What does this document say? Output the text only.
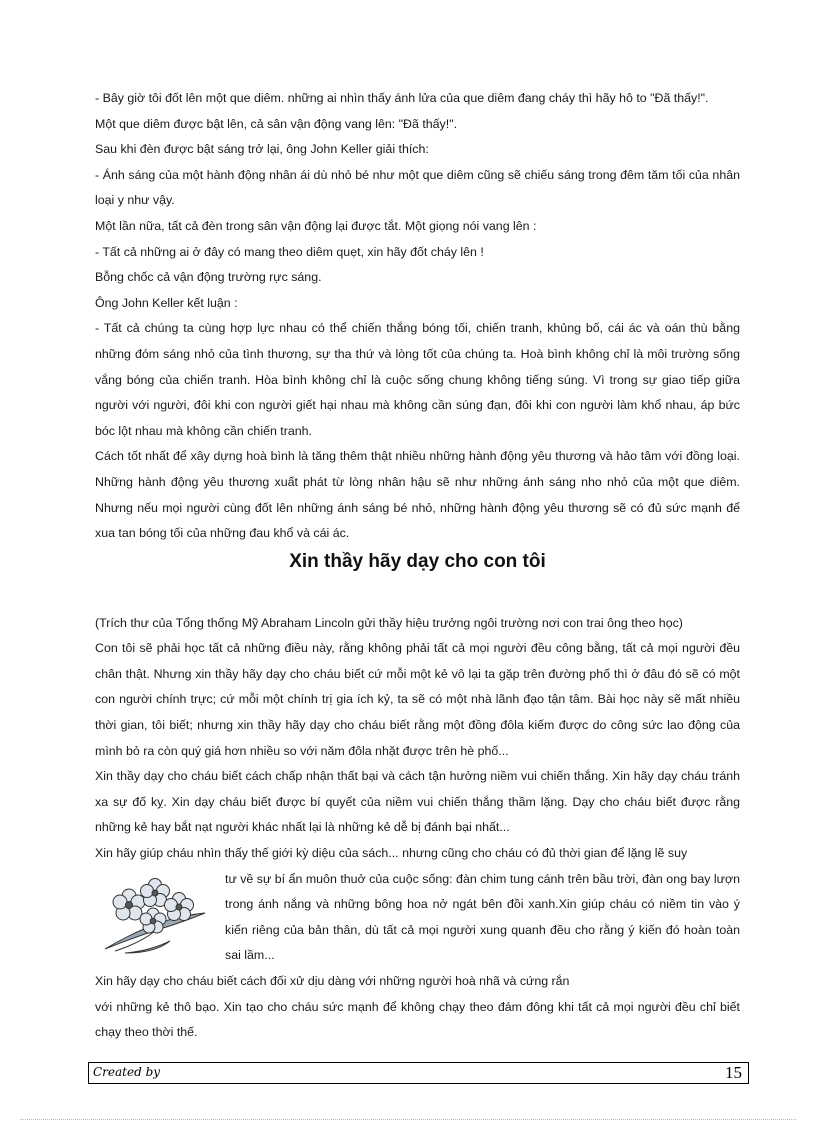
- Bây giờ tôi đốt lên một que diêm. những ai nhìn thấy ánh lửa của que diêm đang cháy thì hãy hô to "Đã thấy!".

Một que diêm được bật lên, cả sân vận động vang lên: "Đã thấy!".

Sau khi đèn được bật sáng trở lại, ông John Keller giải thích:

- Ánh sáng của một hành động nhân ái dù nhỏ bé như một que diêm cũng sẽ chiếu sáng trong đêm tăm tối của nhân loại y như vậy.

Một lần nữa, tất cả đèn trong sân vận động lại được tắt. Một giọng nói vang lên :

- Tất cả những ai ở đây có mang theo diêm quẹt, xin hãy đốt cháy lên !

Bỗng chốc cả vận động trường rực sáng.

Ông John Keller kết luận :

- Tất cả chúng ta cùng hợp lực nhau có thể chiến thắng bóng tối, chiến tranh, khủng bố, cái ác và oán thù bằng những đóm sáng nhỏ của tình thương, sự tha thứ và lòng tốt của chúng ta. Hoà bình không chỉ là môi trường sống vắng bóng của chiến tranh. Hòa bình không chỉ là cuộc sống chung không tiếng súng. Vì trong sự giao tiếp giữa người với người, đôi khi con người giết hại nhau mà không cần súng đạn, đôi khi con người làm khổ nhau, áp bức bóc lột nhau mà không cần chiến tranh.

Cách tốt nhất để xây dựng hoà bình là tăng thêm thật nhiều những hành động yêu thương và hảo tâm với đồng loại. Những hành động yêu thương xuất phát từ lòng nhân hậu sẽ như những ánh sáng nho nhỏ của một que diêm. Nhưng nếu mọi người cùng đốt lên những ánh sáng bé nhỏ, những hành động yêu thương sẽ có đủ sức mạnh để xua tan bóng tối của những đau khổ và cái ác.

Xin thầy hãy dạy cho con tôi

(Trích thư của Tổng thống Mỹ Abraham Lincoln gửi thầy hiệu trưởng ngôi trường nơi con trai ông theo học)

Con tôi sẽ phải học tất cả những điều này, rằng không phải tất cả mọi người đều công bằng, tất cả mọi người đều chân thật. Nhưng xin thầy hãy dạy cho cháu biết cứ mỗi một kẻ vô lại ta gặp trên đường phố thì ở đâu đó sẽ có một con người chính trực; cứ mỗi một chính trị gia ích kỷ, ta sẽ có một nhà lãnh đạo tận tâm. Bài học này sẽ mất nhiều thời gian, tôi biết; nhưng xin thầy hãy dạy cho cháu biết rằng một đồng đôla kiếm được do công sức lao động của mình bỏ ra còn quý giá hơn nhiều so với năm đôla nhặt được trên hè phố...

Xin thầy dạy cho cháu biết cách chấp nhận thất bại và cách tận hưởng niềm vui chiến thắng. Xin hãy dạy cháu tránh xa sự đố kỵ. Xin dạy cháu biết được bí quyết của niềm vui chiến thắng thầm lặng. Dạy cho cháu biết được rằng những kẻ hay bắt nạt người khác nhất lại là những kẻ dễ bị đánh bại nhất...

Xin hãy giúp cháu nhìn thấy thế giới kỳ diệu của sách... nhưng cũng cho cháu có đủ thời gian để lặng lẽ suy

tư về sự bí ẩn muôn thuở của cuộc sống: đàn chim tung cánh trên bầu trời, đàn ong bay lượn trong ánh nắng và những bông hoa nở ngát bên đồi xanh.Xin giúp cháu có niềm tin vào ý kiến riêng của bản thân, dù tất cả mọi người xung quanh đều cho rằng ý kiến đó hoàn toàn sai lầm...

Xin hãy dạy cho cháu biết cách đối xử dịu dàng với những người hoà nhã và cứng rắn

với những kẻ thô bạo. Xin tạo cho cháu sức mạnh để không chạy theo đám đông khi tất cả mọi người đều chỉ biết chạy theo thời thế.

Created by	15
